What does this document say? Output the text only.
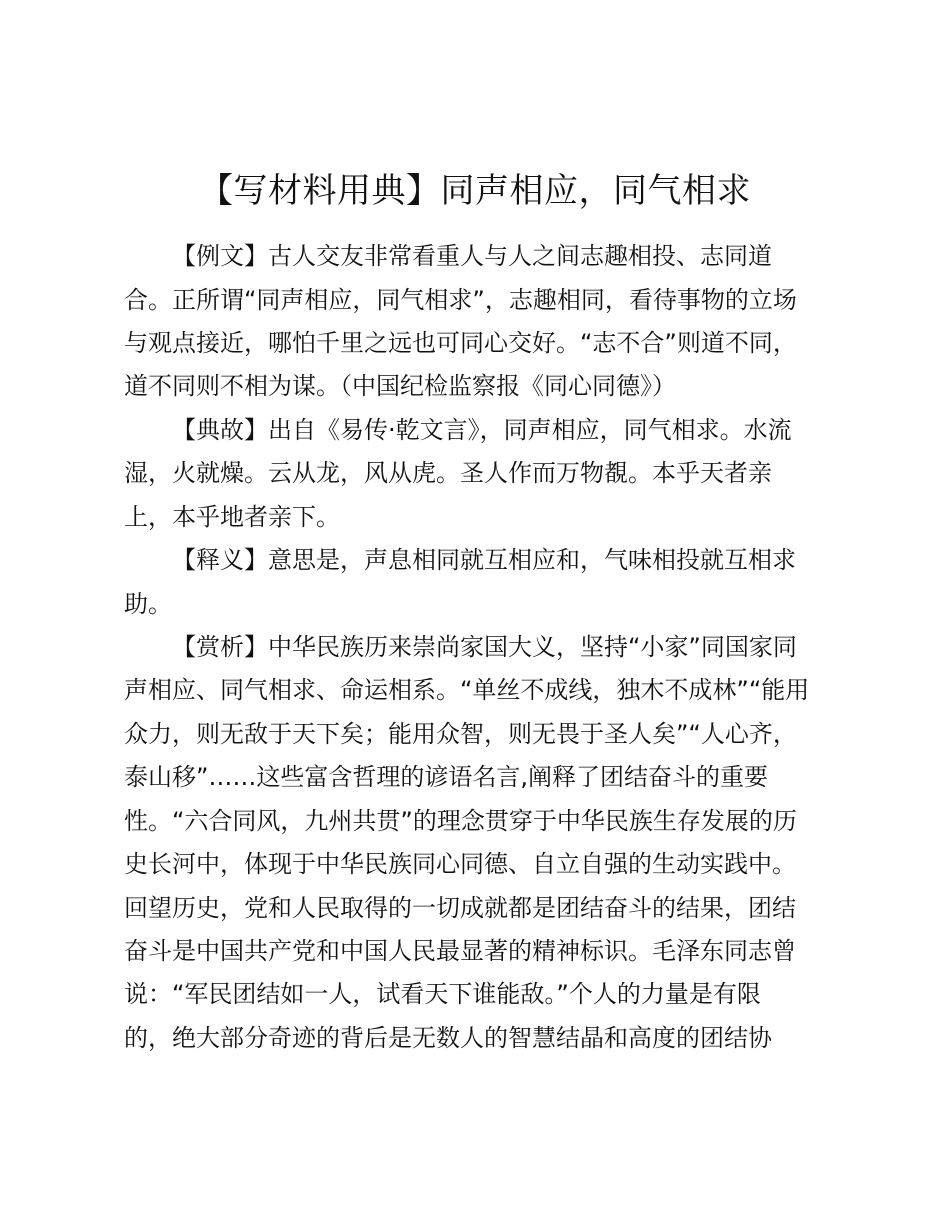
【写材料用典】同声相应，同气相求

【例文】古人交友非常看重人与人之间志趣相投、志同道

合。正所谓“同声相应，同气相求”，志趣相同，看待事物的立场

与观点接近，哪怕千里之远也可同心交好。“志不合”则道不同，

道不同则不相为谋。（中国纪检监察报《同心同德》）

【典故】出自《易传·乾文言》，同声相应，同气相求。水流

湿，火就燥。云从龙，风从虎。圣人作而万物覩。本乎天者亲

上，本乎地者亲下。

【释义】意思是，声息相同就互相应和，气味相投就互相求

助。

【赏析】中华民族历来崇尚家国大义，坚持“小家”同国家同

声相应、同气相求、命运相系。“单丝不成线，独木不成林”“能用

众力，则无敌于天下矣；能用众智，则无畏于圣人矣”“人心齐，

泰山移”……这些富含哲理的谚语名言,阐释了团结奋斗的重要

性。“六合同风，九州共贯”的理念贯穿于中华民族生存发展的历

史长河中，体现于中华民族同心同德、自立自强的生动实践中。

回望历史，党和人民取得的一切成就都是团结奋斗的结果，团结

奋斗是中国共产党和中国人民最显著的精神标识。毛泽东同志曾

说：“军民团结如一人，试看天下谁能敌。”个人的力量是有限

的，绝大部分奇迹的背后是无数人的智慧结晶和高度的团结协
